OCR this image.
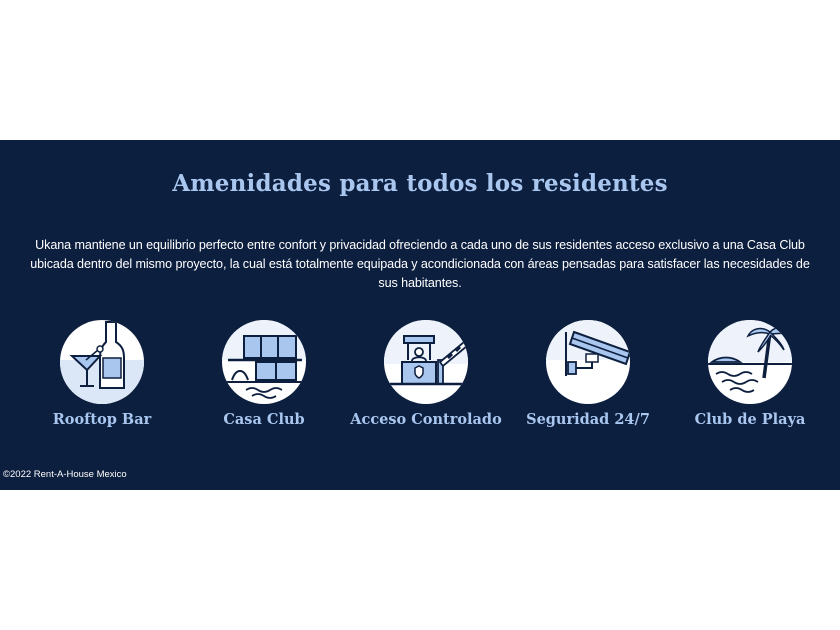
Amenidades para todos los residentes
Ukana mantiene un equilibrio perfecto entre confort y privacidad ofreciendo a cada uno de sus residentes acceso exclusivo a una Casa Club ubicada dentro del mismo proyecto, la cual está totalmente equipada y acondicionada con áreas pensadas para satisfacer las necesidades de sus habitantes.
Rooftop Bar	Casa Club	Acceso Controlado	Seguridad 24/7	Club de Playa
©2022 Rent-A-House Mexico
